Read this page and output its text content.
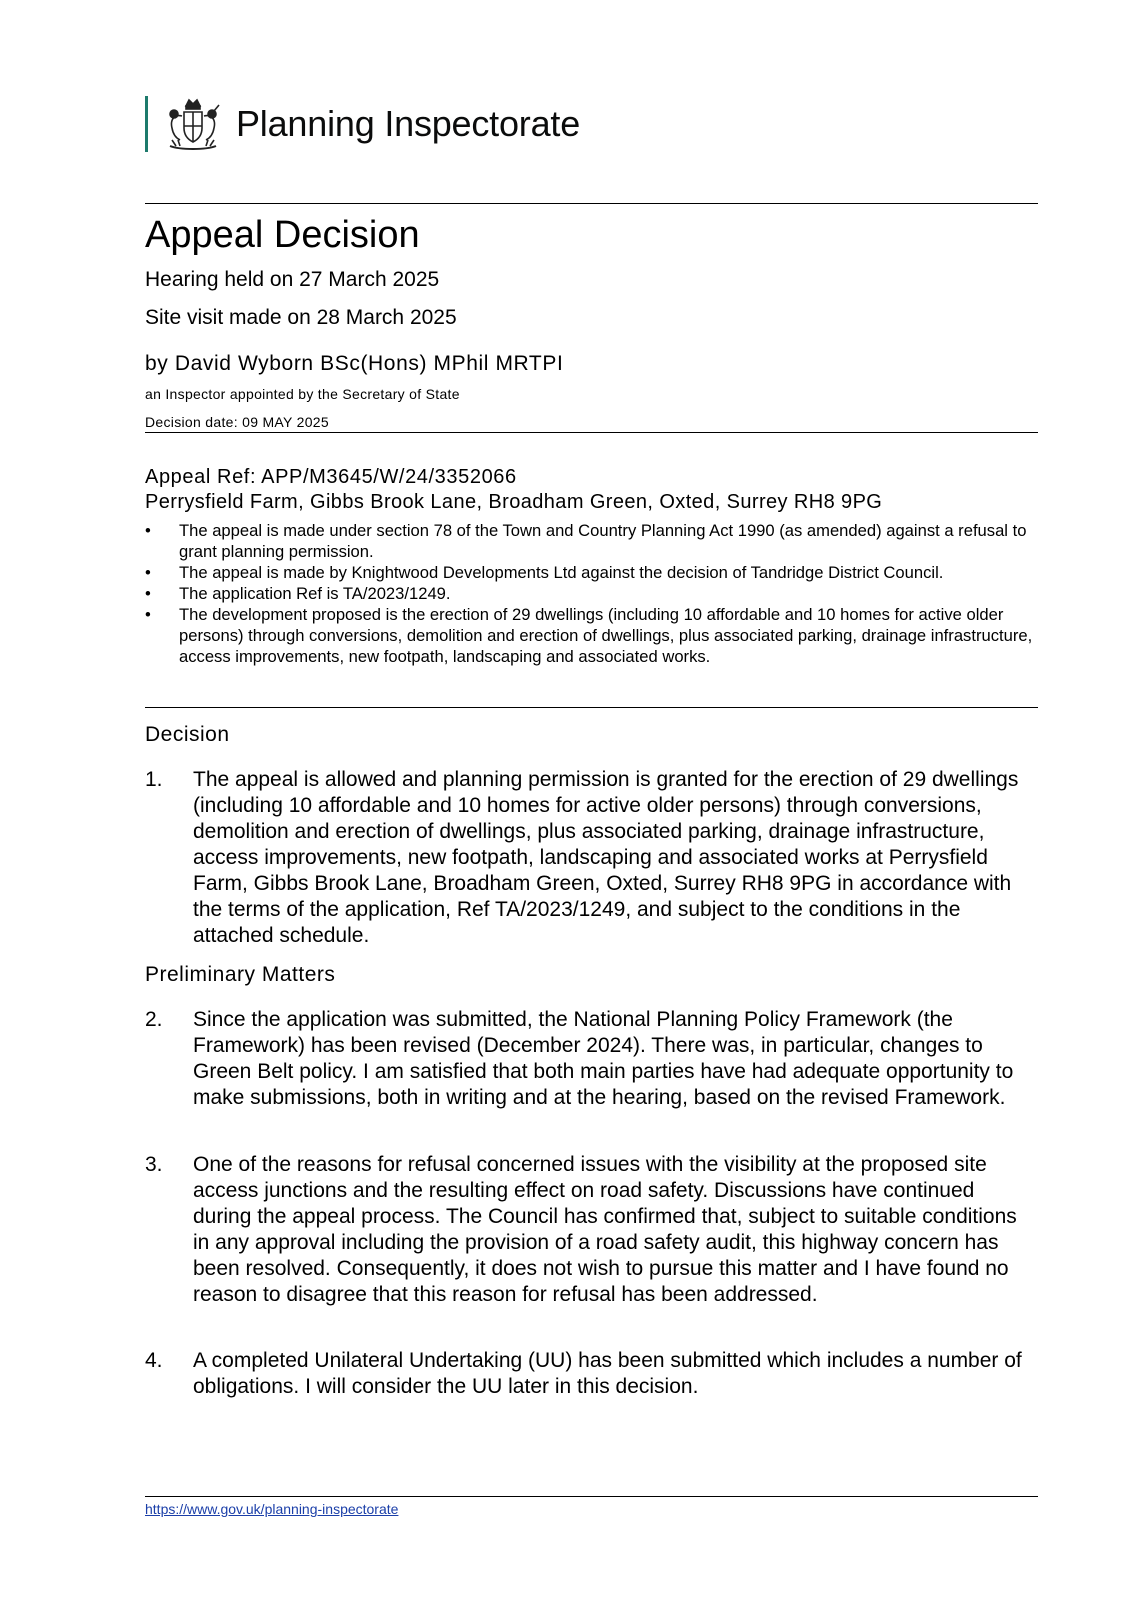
Planning Inspectorate
Appeal Decision
Hearing held on 27 March 2025
Site visit made on 28 March 2025
by David Wyborn BSc(Hons) MPhil MRTPI
an Inspector appointed by the Secretary of State
Decision date: 09 MAY 2025
Appeal Ref: APP/M3645/W/24/3352066
Perrysfield Farm, Gibbs Brook Lane, Broadham Green, Oxted, Surrey RH8 9PG
• The appeal is made under section 78 of the Town and Country Planning Act 1990 (as amended) against a refusal to grant planning permission.
• The appeal is made by Knightwood Developments Ltd against the decision of Tandridge District Council.
• The application Ref is TA/2023/1249.
• The development proposed is the erection of 29 dwellings (including 10 affordable and 10 homes for active older persons) through conversions, demolition and erection of dwellings, plus associated parking, drainage infrastructure, access improvements, new footpath, landscaping and associated works.
Decision
1. The appeal is allowed and planning permission is granted for the erection of 29 dwellings (including 10 affordable and 10 homes for active older persons) through conversions, demolition and erection of dwellings, plus associated parking, drainage infrastructure, access improvements, new footpath, landscaping and associated works at Perrysfield Farm, Gibbs Brook Lane, Broadham Green, Oxted, Surrey RH8 9PG in accordance with the terms of the application, Ref TA/2023/1249, and subject to the conditions in the attached schedule.
Preliminary Matters
2. Since the application was submitted, the National Planning Policy Framework (the Framework) has been revised (December 2024). There was, in particular, changes to Green Belt policy. I am satisfied that both main parties have had adequate opportunity to make submissions, both in writing and at the hearing, based on the revised Framework.
3. One of the reasons for refusal concerned issues with the visibility at the proposed site access junctions and the resulting effect on road safety. Discussions have continued during the appeal process. The Council has confirmed that, subject to suitable conditions in any approval including the provision of a road safety audit, this highway concern has been resolved. Consequently, it does not wish to pursue this matter and I have found no reason to disagree that this reason for refusal has been addressed.
4. A completed Unilateral Undertaking (UU) has been submitted which includes a number of obligations. I will consider the UU later in this decision.
https://www.gov.uk/planning-inspectorate
